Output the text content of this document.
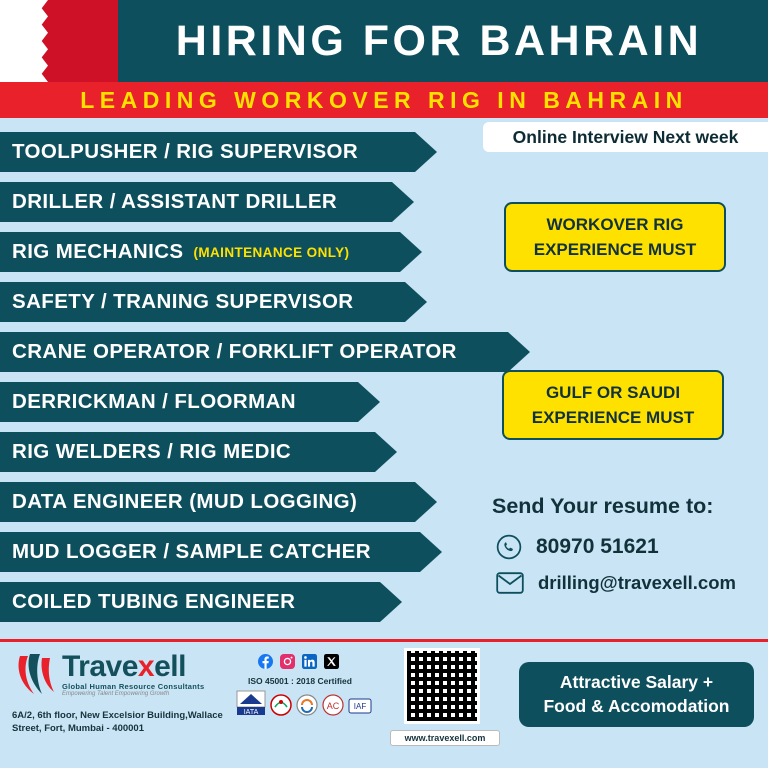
HIRING FOR BAHRAIN
LEADING WORKOVER RIG IN BAHRAIN
Online Interview Next week
TOOLPUSHER / RIG SUPERVISOR
DRILLER / ASSISTANT DRILLER
RIG MECHANICS (MAINTENANCE ONLY)
SAFETY / TRANING SUPERVISOR
CRANE OPERATOR / FORKLIFT OPERATOR
DERRICKMAN / FLOORMAN
RIG WELDERS / RIG MEDIC
DATA ENGINEER (MUD LOGGING)
MUD LOGGER / SAMPLE CATCHER
COILED TUBING ENGINEER
WORKOVER RIG
EXPERIENCE MUST
GULF OR SAUDI
EXPERIENCE MUST
Send Your resume to:
80970 51621
drilling@travexell.com
Travexell
Global Human Resource Consultants
Empowering Talent Empowering Growth
6A/2, 6th floor, New Excelsior Building,Wallace
Street, Fort, Mumbai - 400001
ISO 45001 : 2018 Certified
IATA
AC IAF
www.travexell.com
Attractive Salary +
Food & Accomodation
